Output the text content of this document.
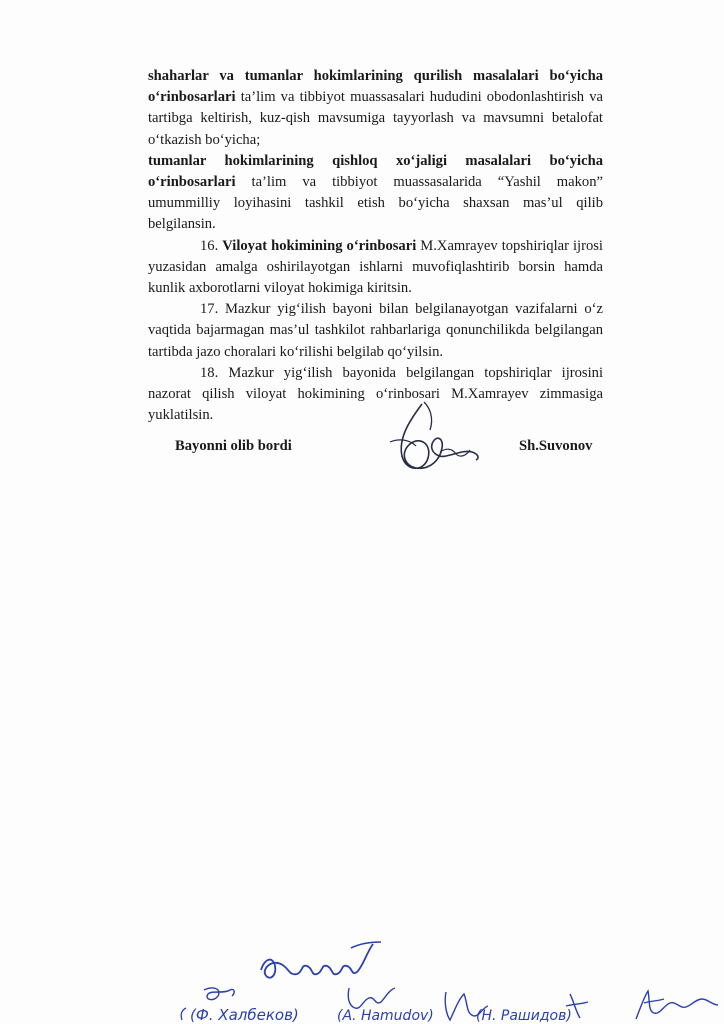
shaharlar va tumanlar hokimlarining qurilish masalalari bo‘yicha o‘rinbosarlari ta’lim va tibbiyot muassasalari hududini obodonlashtirish va tartibga keltirish, kuz-qish mavsumiga tayyorlash va mavsumni betalofat o‘tkazish bo‘yicha;

tumanlar hokimlarining qishloq xo‘jaligi masalalari bo‘yicha o‘rinbosarlari ta’lim va tibbiyot muassasalarida “Yashil makon” umummilliy loyihasini tashkil etish bo‘yicha shaxsan mas’ul qilib belgilansin.

16. Viloyat hokimining o‘rinbosari M.Xamrayev topshiriqlar ijrosi yuzasidan amalga oshirilayotgan ishlarni muvofiqlashtirib borsin hamda kunlik axborotlarni viloyat hokimiga kiritsin.

17. Mazkur yig‘ilish bayoni bilan belgilanayotgan vazifalarni o‘z vaqtida bajarmagan mas’ul tashkilot rahbarlariga qonunchilikda belgilangan tartibda jazo choralari ko‘rilishi belgilab qo‘yilsin.

18. Mazkur yig‘ilish bayonida belgilangan topshiriqlar ijrosini nazorat qilish viloyat hokimining o‘rinbosari M.Xamrayev zimmasiga yuklatilsin.

Bayonni olib bordi	Sh.Suvonov
(Ф. Халбеков)	(А. Hamudov)	(Н. Рашидов)
